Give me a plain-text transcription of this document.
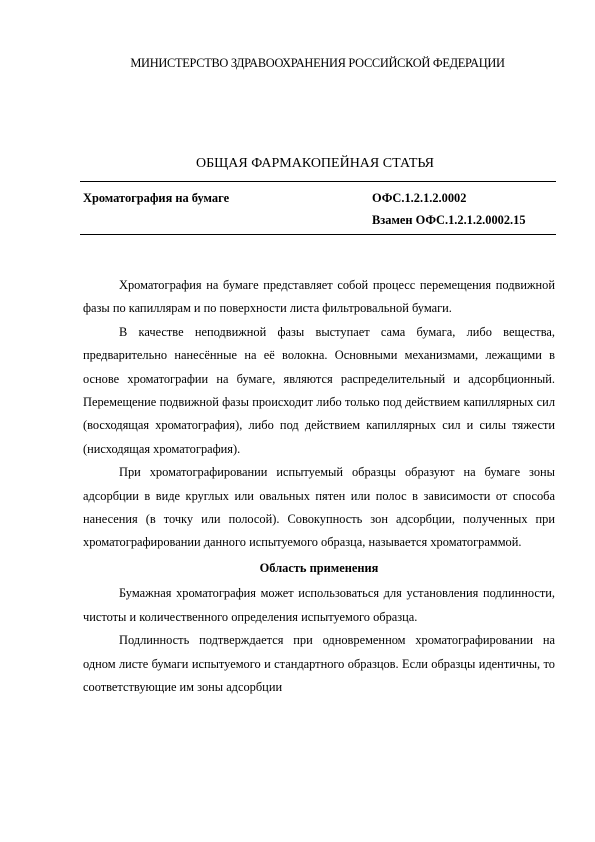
МИНИСТЕРСТВО ЗДРАВООХРАНЕНИЯ РОССИЙСКОЙ ФЕДЕРАЦИИ
ОБЩАЯ ФАРМАКОПЕЙНАЯ СТАТЬЯ
Хроматография на бумаге	ОФС.1.2.1.2.0002
Взамен ОФС.1.2.1.2.0002.15

Хроматография на бумаге представляет собой процесс перемещения подвижной фазы по капиллярам и по поверхности листа фильтровальной бумаги.

В качестве неподвижной фазы выступает сама бумага, либо вещества, предварительно нанесённые на её волокна. Основными механизмами, лежащими в основе хроматографии на бумаге, являются распределительный и адсорбционный. Перемещение подвижной фазы происходит либо только под действием капиллярных сил (восходящая хроматография), либо под действием капиллярных сил и силы тяжести (нисходящая хроматография).

При хроматографировании испытуемый образцы образуют на бумаге зоны адсорбции в виде круглых или овальных пятен или полос в зависимости от способа нанесения (в точку или полосой). Совокупность зон адсорбции, полученных при хроматографировании данного испытуемого образца, называется хроматограммой.

Область применения

Бумажная хроматография может использоваться для установления подлинности, чистоты и количественного определения испытуемого образца.

Подлинность подтверждается при одновременном хроматографировании на одном листе бумаги испытуемого и стандартного образцов. Если образцы идентичны, то соответствующие им зоны адсорбции
